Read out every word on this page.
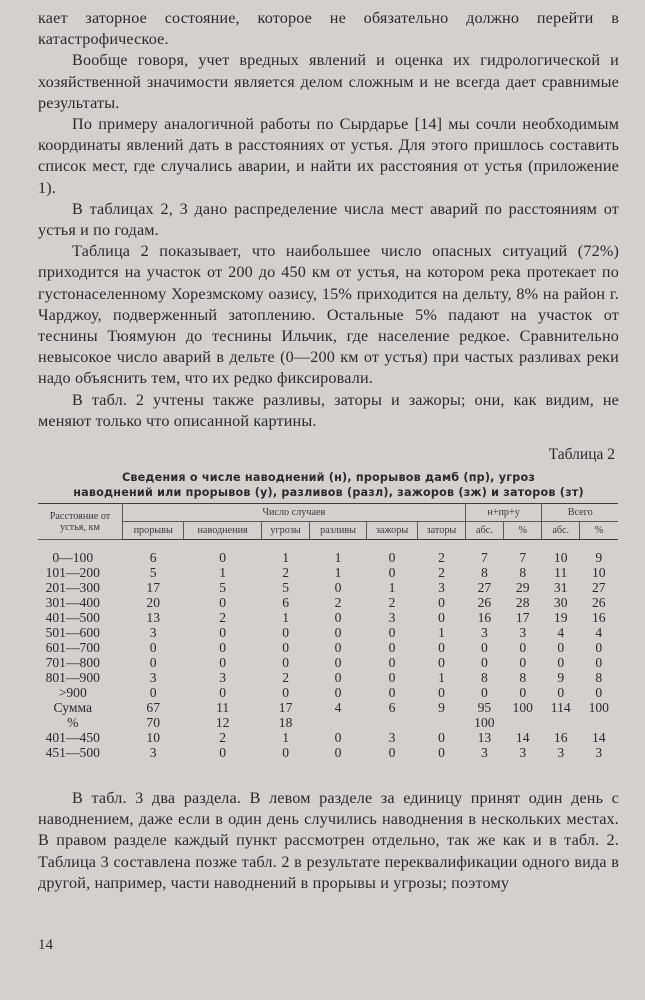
кает заторное состояние, которое не обязательно должно перейти в катастрофическое.

Вообще говоря, учет вредных явлений и оценка их гидрологической и хозяйственной значимости является делом сложным и не всегда дает сравнимые результаты.

По примеру аналогичной работы по Сырдарье [14] мы сочли необходимым координаты явлений дать в расстояниях от устья. Для этого пришлось составить список мест, где случались аварии, и найти их расстояния от устья (приложение 1).

В таблицах 2, 3 дано распределение числа мест аварий по расстояниям от устья и по годам.

Таблица 2 показывает, что наибольшее число опасных ситуаций (72%) приходится на участок от 200 до 450 км от устья, на котором река протекает по густонаселенному Хорезмскому оазису, 15% приходится на дельту, 8% на район г. Чарджоу, подверженный затоплению. Остальные 5% падают на участок от теснины Тюямуюн до теснины Ильчик, где население редкое. Сравнительно невысокое число аварий в дельте (0—200 км от устья) при частых разливах реки надо объяснить тем, что их редко фиксировали.

В табл. 2 учтены также разливы, заторы и зажоры; они, как видим, не меняют только что описанной картины.

Таблица 2
Сведения о числе наводнений (н), прорывов дамб (пр), угроз
наводнений или прорывов (у), разливов (разл), зажоров (зж) и заторов (зт)
Расстояние от устья, км	Число случаев						н+пр+у		Всего	
	прорывы	наводнения	угрозы	разливы	зажоры	заторы	абс.	%	абс.	%
0—100	6	0	1	1	0	2	7	7	10	9
101—200	5	1	2	1	0	2	8	8	11	10
201—300	17	5	5	0	1	3	27	29	31	27
301—400	20	0	6	2	2	0	26	28	30	26
401—500	13	2	1	0	3	0	16	17	19	16
501—600	3	0	0	0	0	1	3	3	4	4
601—700	0	0	0	0	0	0	0	0	0	0
701—800	0	0	0	0	0	0	0	0	0	0
801—900	3	3	2	0	0	1	8	8	9	8
>900	0	0	0	0	0	0	0	0	0	0
Сумма	67	11	17	4	6	9	95	100	114	100
%	70	12	18				100			
401—450	10	2	1	0	3	0	13	14	16	14
451—500	3	0	0	0	0	0	3	3	3	3

В табл. 3 два раздела. В левом разделе за единицу принят один день с наводнением, даже если в один день случились наводнения в нескольких местах. В правом разделе каждый пункт рассмотрен отдельно, так же как и в табл. 2. Таблица 3 составлена позже табл. 2 в результате переквалификации одного вида в другой, например, части наводнений в прорывы и угрозы; поэтому

14
